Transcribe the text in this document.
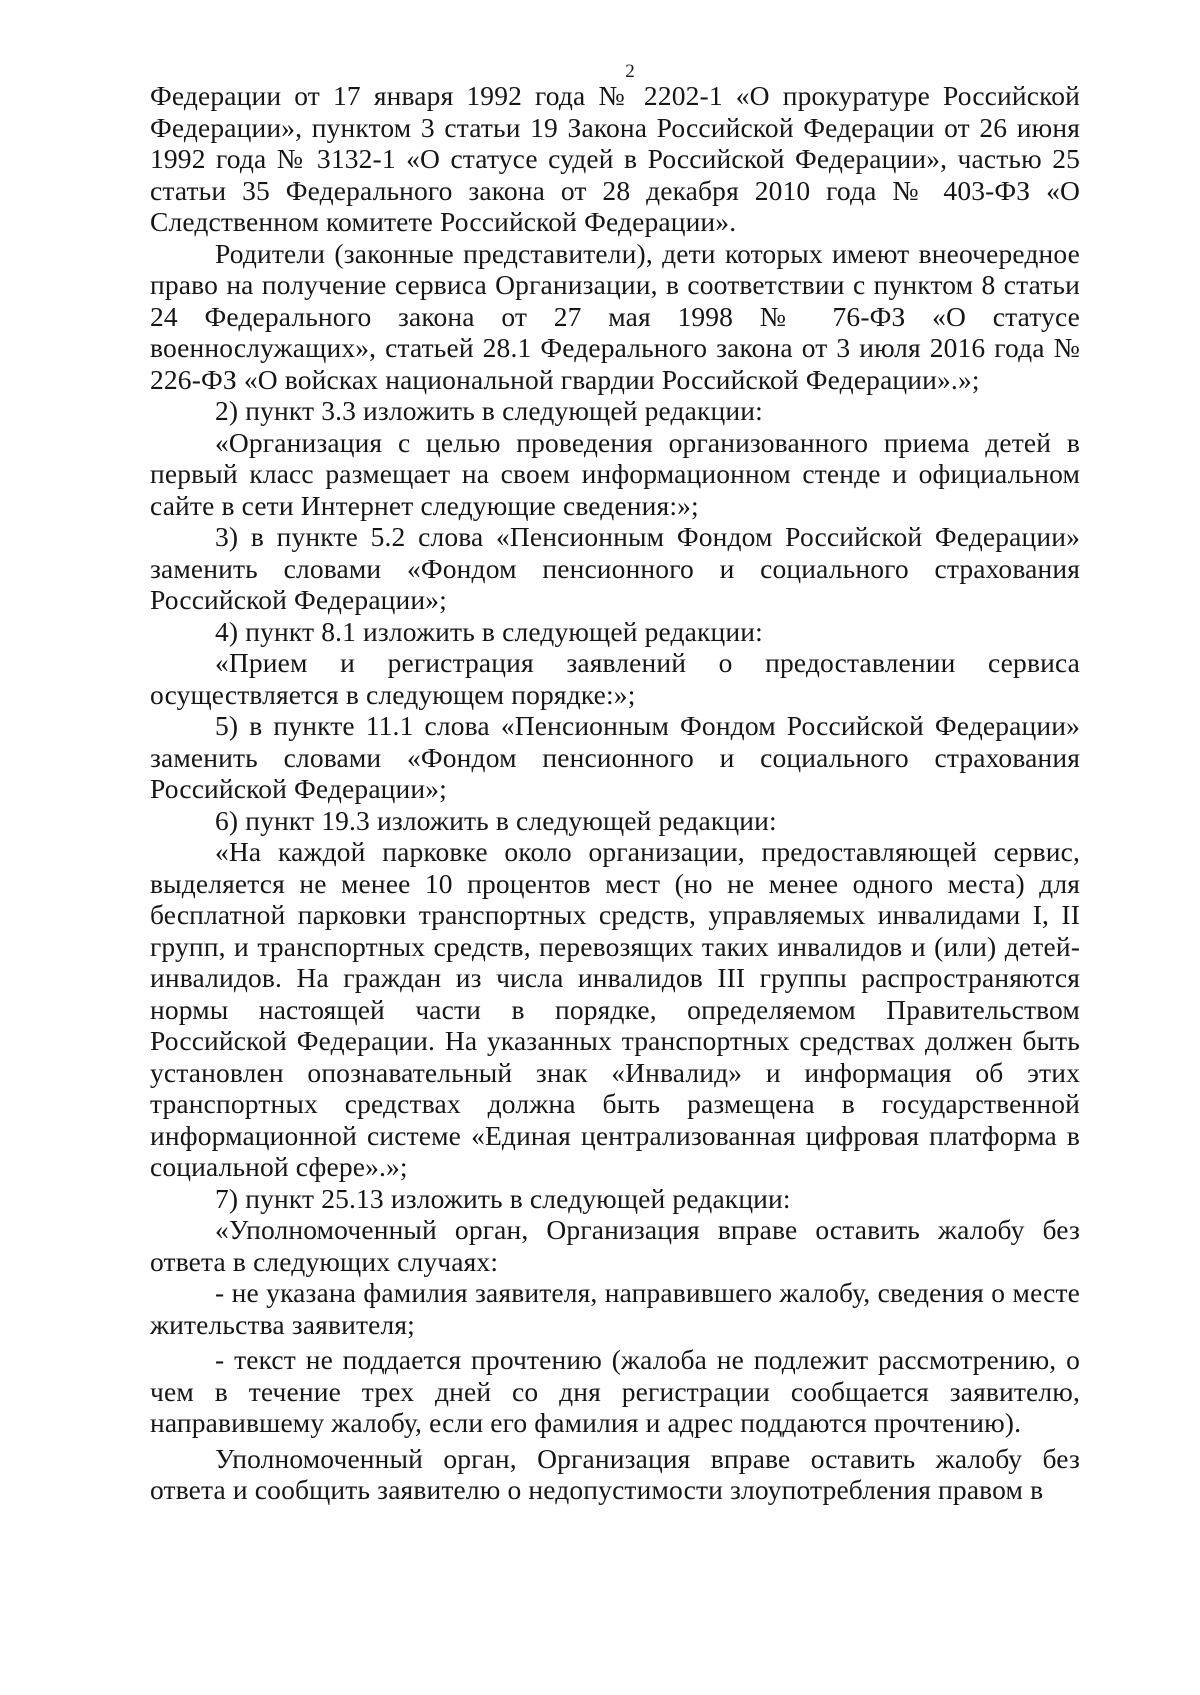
2

Федерации от 17 января 1992 года № 2202-1 «О прокуратуре Российской Федерации», пунктом 3 статьи 19 Закона Российской Федерации от 26 июня 1992 года № 3132-1 «О статусе судей в Российской Федерации», частью 25 статьи 35 Федерального закона от 28 декабря 2010 года № 403-ФЗ «О Следственном комитете Российской Федерации».

Родители (законные представители), дети которых имеют внеочередное право на получение сервиса Организации, в соответствии с пунктом 8 статьи 24 Федерального закона от 27 мая 1998 № 76-ФЗ «О статусе военнослужащих», статьей 28.1 Федерального закона от 3 июля 2016 года № 226-ФЗ «О войсках национальной гвардии Российской Федерации».»;

2) пункт 3.3 изложить в следующей редакции:

«Организация с целью проведения организованного приема детей в первый класс размещает на своем информационном стенде и официальном сайте в сети Интернет следующие сведения:»;

3) в пункте 5.2 слова «Пенсионным Фондом Российской Федерации» заменить словами «Фондом пенсионного и социального страхования Российской Федерации»;

4) пункт 8.1 изложить в следующей редакции:

«Прием и регистрация заявлений о предоставлении сервиса осуществляется в следующем порядке:»;

5) в пункте 11.1 слова «Пенсионным Фондом Российской Федерации» заменить словами «Фондом пенсионного и социального страхования Российской Федерации»;

6) пункт 19.3 изложить в следующей редакции:

«На каждой парковке около организации, предоставляющей сервис, выделяется не менее 10 процентов мест (но не менее одного места) для бесплатной парковки транспортных средств, управляемых инвалидами I, II групп, и транспортных средств, перевозящих таких инвалидов и (или) детей-инвалидов. На граждан из числа инвалидов III группы распространяются нормы настоящей части в порядке, определяемом Правительством Российской Федерации. На указанных транспортных средствах должен быть установлен опознавательный знак «Инвалид» и информация об этих транспортных средствах должна быть размещена в государственной информационной системе «Единая централизованная цифровая платформа в социальной сфере».»;

7) пункт 25.13 изложить в следующей редакции:

«Уполномоченный орган, Организация вправе оставить жалобу без ответа в следующих случаях:

- не указана фамилия заявителя, направившего жалобу, сведения о месте жительства заявителя;

- текст не поддается прочтению (жалоба не подлежит рассмотрению, о чем в течение трех дней со дня регистрации сообщается заявителю, направившему жалобу, если его фамилия и адрес поддаются прочтению).

Уполномоченный орган, Организация вправе оставить жалобу без ответа и сообщить заявителю о недопустимости злоупотребления правом в
